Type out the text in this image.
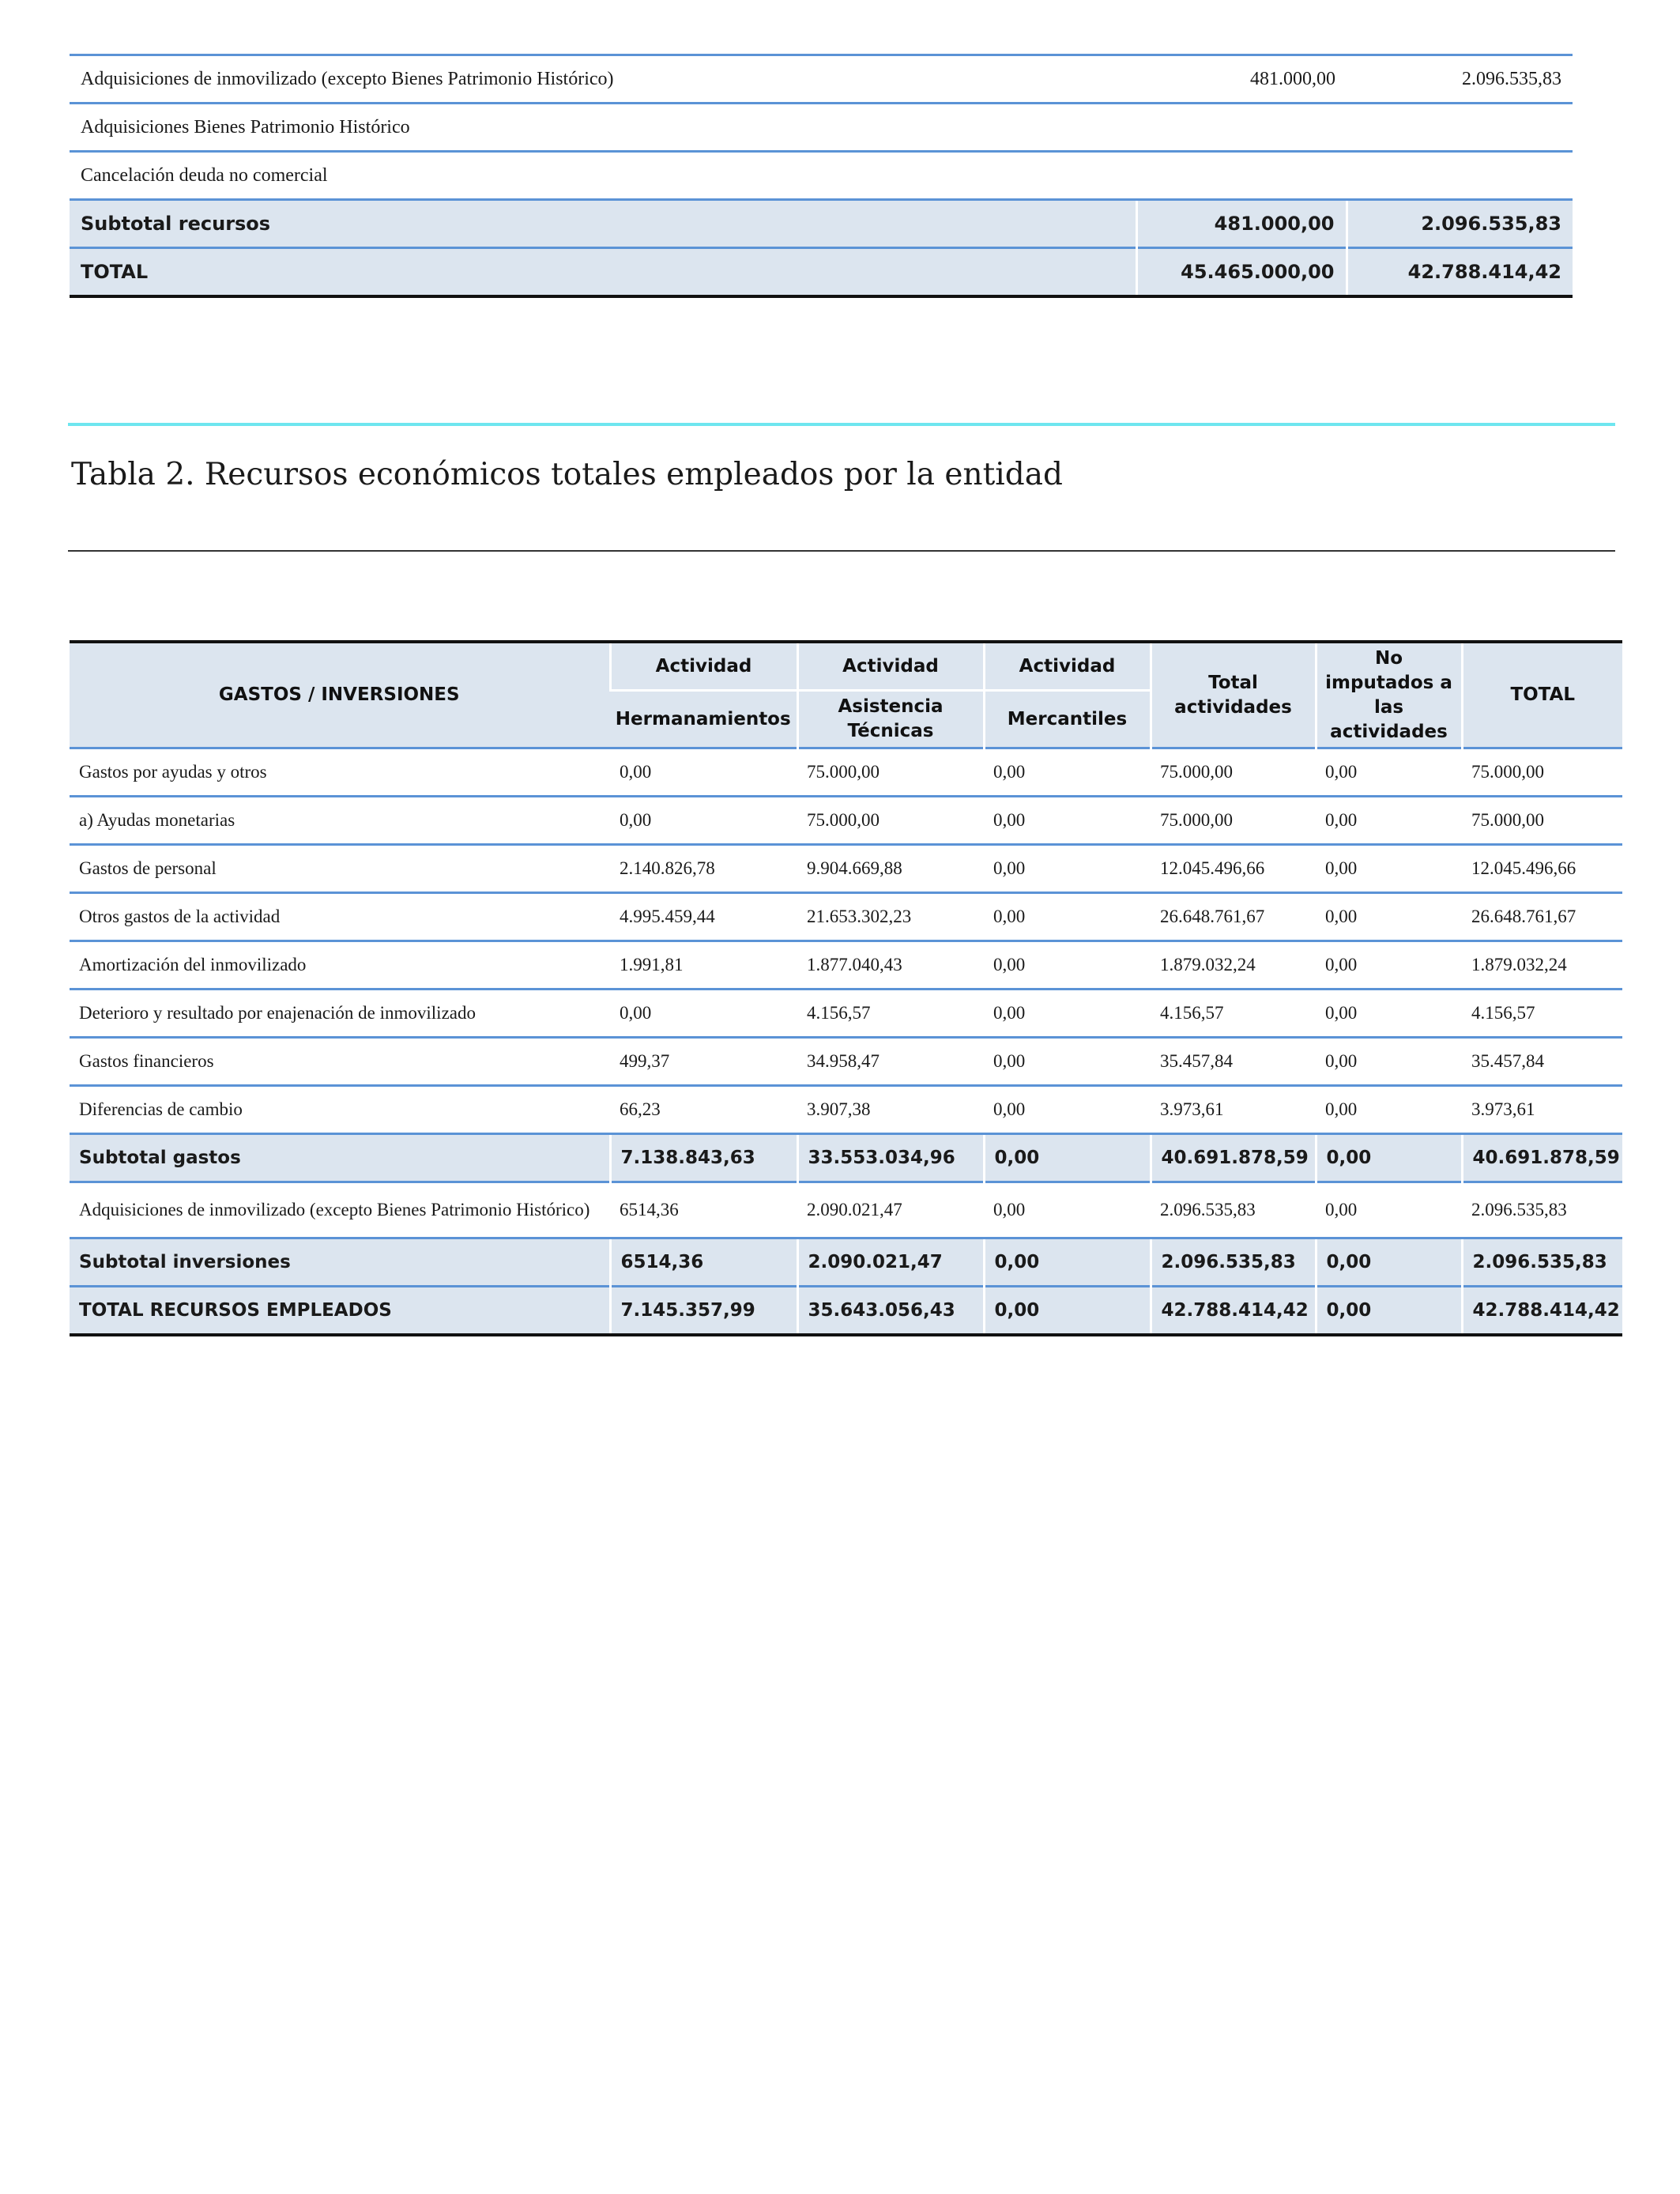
Adquisiciones de inmovilizado (excepto Bienes Patrimonio Histórico)	481.000,00	2.096.535,83
Adquisiciones Bienes Patrimonio Histórico		
Cancelación deuda no comercial		
Subtotal recursos	481.000,00	2.096.535,83
TOTAL	45.465.000,00	42.788.414,42
Tabla 2. Recursos económicos totales empleados por la entidad
GASTOS / INVERSIONES	Actividad	Actividad	Actividad	Total actividades	No imputados a las actividades	TOTAL
	Hermanamientos	Asistencia Técnicas	Mercantiles			
Gastos por ayudas y otros	0,00	75.000,00	0,00	75.000,00	0,00	75.000,00
a) Ayudas monetarias	0,00	75.000,00	0,00	75.000,00	0,00	75.000,00
Gastos de personal	2.140.826,78	9.904.669,88	0,00	12.045.496,66	0,00	12.045.496,66
Otros gastos de la actividad	4.995.459,44	21.653.302,23	0,00	26.648.761,67	0,00	26.648.761,67
Amortización del inmovilizado	1.991,81	1.877.040,43	0,00	1.879.032,24	0,00	1.879.032,24
Deterioro y resultado por enajenación de inmovilizado	0,00	4.156,57	0,00	4.156,57	0,00	4.156,57
Gastos financieros	499,37	34.958,47	0,00	35.457,84	0,00	35.457,84
Diferencias de cambio	66,23	3.907,38	0,00	3.973,61	0,00	3.973,61
Subtotal gastos	7.138.843,63	33.553.034,96	0,00	40.691.878,59	0,00	40.691.878,59
Adquisiciones de inmovilizado (excepto Bienes Patrimonio Histórico)	6514,36	2.090.021,47	0,00	2.096.535,83	0,00	2.096.535,83
Subtotal inversiones	6514,36	2.090.021,47	0,00	2.096.535,83	0,00	2.096.535,83
TOTAL RECURSOS EMPLEADOS	7.145.357,99	35.643.056,43	0,00	42.788.414,42	0,00	42.788.414,42
